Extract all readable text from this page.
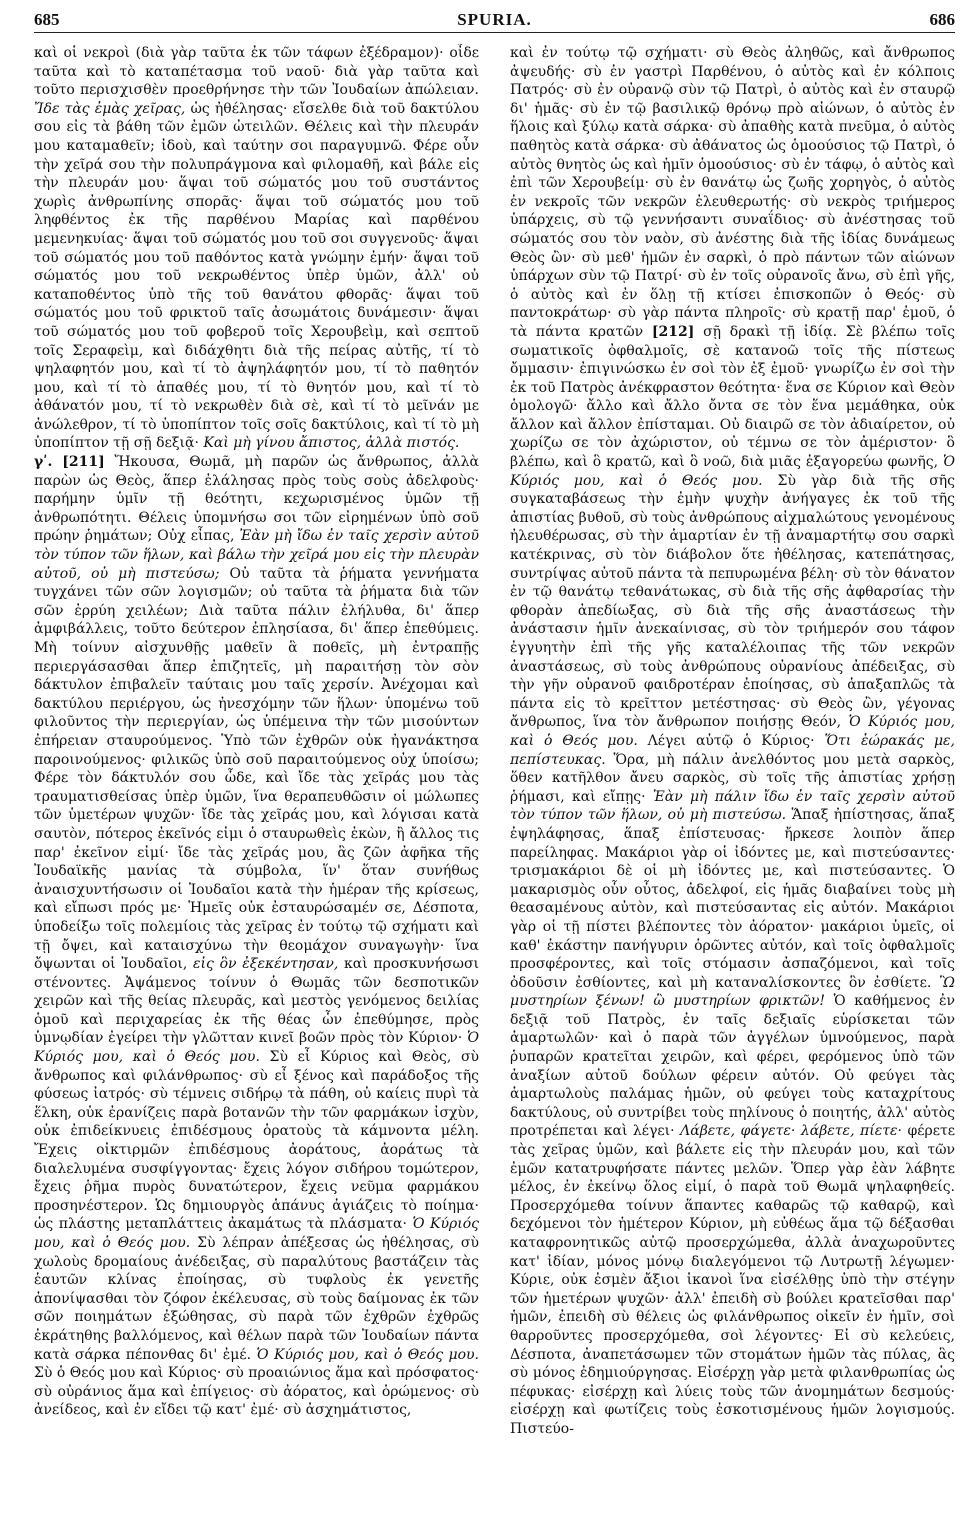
685	SPURIA.	686

καὶ οἱ νεκροὶ (διὰ γὰρ ταῦτα ἐκ τῶν τάφων ἐξέδραμον)· οἶδε ταῦτα καὶ τὸ καταπέτασμα τοῦ ναοῦ· διὰ γὰρ ταῦτα καὶ τοῦτο περισχισθὲν προεθρήνησε τὴν τῶν Ἰουδαίων ἀπώλειαν. Ἴδε τὰς ἐμὰς χεῖρας, ὡς ἠθέλησας· εἴσελθε διὰ τοῦ δακτύλου σου εἰς τὰ βάθη τῶν ἐμῶν ὠτειλῶν. Θέλεις καὶ τὴν πλευράν μου καταμαθεῖν; ἰδοὺ, καὶ ταύτην σοι παραγυμνῶ. Φέρε οὖν τὴν χεῖρά σου τὴν πολυπράγμονα καὶ φιλομαθῆ, καὶ βάλε εἰς τὴν πλευράν μου· ἅψαι τοῦ σώματός μου τοῦ συστάντος χωρὶς ἀνθρωπίνης σπορᾶς· ἅψαι τοῦ σώματός μου τοῦ ληφθέντος ἐκ τῆς παρθένου Μαρίας καὶ παρθένου μεμενηκυίας· ἅψαι τοῦ σώματός μου τοῦ σοι συγγενοῦς· ἅψαι τοῦ σώματός μου τοῦ παθόντος κατὰ γνώμην ἐμήν· ἅψαι τοῦ σώματός μου τοῦ νεκρωθέντος ὑπὲρ ὑμῶν, ἀλλ' οὐ καταποθέντος ὑπὸ τῆς τοῦ θανάτου φθορᾶς· ἅψαι τοῦ σώματός μου τοῦ φρικτοῦ ταῖς ἀσωμάτοις δυνάμεσιν· ἅψαι τοῦ σώματός μου τοῦ φοβεροῦ τοῖς Χερουβεὶμ, καὶ σεπτοῦ τοῖς Σεραφεὶμ, καὶ διδάχθητι διὰ τῆς πείρας αὐτῆς, τί τὸ ψηλαφητόν μου, καὶ τί τὸ ἀψηλάφητόν μου, τί τὸ παθητόν μου, καὶ τί τὸ ἀπαθές μου, τί τὸ θνητόν μου, καὶ τί τὸ ἀθάνατόν μου, τί τὸ νεκρωθὲν διὰ σὲ, καὶ τί τὸ μεῖνάν με ἀνώλεθρον, τί τὸ ὑποπίπτον τοῖς σοῖς δακτύλοις, καὶ τί τὸ μὴ ὑποπίπτον τῇ σῇ δεξιᾷ· Καὶ μὴ γίνου ἄπιστος, ἀλλὰ πιστός.

γʹ. [211] Ἤκουσα, Θωμᾶ, μὴ παρῶν ὡς ἄνθρωπος, ἀλλὰ παρὼν ὡς Θεὸς, ἅπερ ἐλάλησας πρὸς τοὺς σοὺς ἀδελφοὺς· παρήμην ὑμῖν τῇ θεότητι, κεχωρισμένος ὑμῶν τῇ ἀνθρωπότητι. Θέλεις ὑπομνήσω σοι τῶν εἰρημένων ὑπὸ σοῦ πρώην ῥημάτων; Οὐχ εἶπας, Ἐὰν μὴ ἴδω ἐν ταῖς χερσὶν αὐτοῦ τὸν τύπον τῶν ἥλων, καὶ βάλω τὴν χεῖρά μου εἰς τὴν πλευρὰν αὐτοῦ, οὐ μὴ πιστεύσω; Οὐ ταῦτα τὰ ῥήματα γεννήματα τυγχάνει τῶν σῶν λογισμῶν; οὐ ταῦτα τὰ ῥήματα διὰ τῶν σῶν ἐρρύη χειλέων; Διὰ ταῦτα πάλιν ἐλήλυθα, δι' ἅπερ ἀμφιβάλλεις, τοῦτο δεύτερον ἐπλησίασα, δι' ἅπερ ἐπεθύμεις. Μὴ τοίνυν αἰσχυνθῇς μαθεῖν ἃ ποθεῖς, μὴ ἐντραπῇς περιεργάσασθαι ἅπερ ἐπιζητεῖς, μὴ παραιτήσῃ τὸν σὸν δάκτυλον ἐπιβαλεῖν ταύταις μου ταῖς χερσίν. Ἀνέχομαι καὶ δακτύλου περιέργου, ὡς ἠνεσχόμην τῶν ἥλων· ὑπομένω τοῦ φιλοῦντος τὴν περιεργίαν, ὡς ὑπέμεινα τὴν τῶν μισούντων ἐπήρειαν σταυρούμενος. Ὑπὸ τῶν ἐχθρῶν οὐκ ἠγανάκτησα παροινούμενος· φιλικῶς ὑπὸ σοῦ παραιτούμενος οὐχ ὑποίσω; Φέρε τὸν δάκτυλόν σου ὧδε, καὶ ἴδε τὰς χεῖράς μου τὰς τραυματισθείσας ὑπὲρ ὑμῶν, ἵνα θεραπευθῶσιν οἱ μώλωπες τῶν ὑμετέρων ψυχῶν· ἴδε τὰς χεῖράς μου, καὶ λόγισαι κατὰ σαυτὸν, πότερος ἐκεῖνός εἰμι ὁ σταυρωθεὶς ἑκὼν, ἢ ἄλλος τις παρ' ἐκεῖνον εἰμί· ἴδε τὰς χεῖράς μου, ἃς ζῶν ἀφῆκα τῆς Ἰουδαϊκῆς μανίας τὰ σύμβολα, ἵν' ὅταν συνήθως ἀναισχυντήσωσιν οἱ Ἰουδαῖοι κατὰ τὴν ἡμέραν τῆς κρίσεως, καὶ εἴπωσι πρός με· Ἡμεῖς οὐκ ἐσταυρώσαμέν σε, Δέσποτα, ὑποδείξω τοῖς πολεμίοις τὰς χεῖρας ἐν τούτῳ τῷ σχήματι καὶ τῇ ὄψει, καὶ καταισχύνω τὴν θεομάχον συναγωγὴν· ἵνα ὄψωνται οἱ Ἰουδαῖοι, εἰς ὃν ἐξεκέντησαν, καὶ προσκυνήσωσι στένοντες. Ἀψάμενος τοίνυν ὁ Θωμᾶς τῶν δεσποτικῶν χειρῶν καὶ τῆς θείας πλευρᾶς, καὶ μεστὸς γενόμενος δειλίας ὁμοῦ καὶ περιχαρείας ἐκ τῆς θέας ὧν ἐπεθύμησε, πρὸς ὑμνῳδίαν ἐγείρει τὴν γλῶτταν κινεῖ βοῶν πρὸς τὸν Κύριον· Ὁ Κύριός μου, καὶ ὁ Θεός μου. Σὺ εἶ Κύριος καὶ Θεὸς, σὺ ἄνθρωπος καὶ φιλάνθρωπος· σὺ εἶ ξένος καὶ παράδοξος τῆς φύσεως ἰατρός· σὺ τέμνεις σιδήρῳ τὰ πάθη, οὐ καίεις πυρὶ τὰ ἕλκη, οὐκ ἐρανίζεις παρὰ βοτανῶν τὴν τῶν φαρμάκων ἰσχὺν, οὐκ ἐπιδείκνυεις ἐπιδέσμους ὁρατοὺς τὰ κάμνοντα μέλη. Ἔχεις οἰκτιρμῶν ἐπιδέσμους ἀοράτους, ἀοράτως τὰ διαλελυμένα συσφίγγοντας· ἔχεις λόγον σιδήρου τομώτερον, ἔχεις ῥῆμα πυρὸς δυνατώτερον, ἔχεις νεῦμα φαρμάκου προσηνέστερον. Ὡς δημιουργὸς ἁπάνυς ἀγιάζεις τὸ ποίημα· ὡς πλάστης μεταπλάττεις ἀκαμάτως τὰ πλάσματα· Ὁ Κύριός μου, καὶ ὁ Θεός μου. Σὺ λέπραν ἀπέξεσας ὡς ἠθέλησας, σὺ χωλοὺς δρομαίους ἀνέδειξας, σὺ παραλύτους βαστάζειν τὰς ἑαυτῶν κλίνας ἐποίησας, σὺ τυφλοὺς ἐκ γενετῆς ἀπονίψασθαι τὸν ζόφον ἐκέλευσας, σὺ τοὺς δαίμονας ἐκ τῶν σῶν ποιημάτων ἐξώθησας, σὺ παρὰ τῶν ἐχθρῶν ἐχθρῶς ἐκράτηθης βαλλόμενος, καὶ θέλων παρὰ τῶν Ἰουδαίων πάντα κατὰ σάρκα πέπονθας δι' ἐμέ. Ὁ Κύριός μου, καὶ ὁ Θεός μου. Σὺ ὁ Θεός μου καὶ Κύριος· σὺ προαιώνιος ἅμα καὶ πρόσφατος· σὺ οὐράνιος ἅμα καὶ ἐπίγειος· σὺ ἀόρατος, καὶ ὁρώμενος· σὺ ἀνείδεος, καὶ ἐν εἴδει τῷ κατ' ἐμέ· σὺ ἀσχημάτιστος,

καὶ ἐν τούτῳ τῷ σχήματι· σὺ Θεὸς ἀληθῶς, καὶ ἄνθρωπος ἀψευδής· σὺ ἐν γαστρὶ Παρθένου, ὁ αὐτὸς καὶ ἐν κόλποις Πατρός· σὺ ἐν οὐρανῷ σὺν τῷ Πατρὶ, ὁ αὐτὸς καὶ ἐν σταυρῷ δι' ἡμᾶς· σὺ ἐν τῷ βασιλικῷ θρόνῳ πρὸ αἰώνων, ὁ αὐτὸς ἐν ἥλοις καὶ ξύλῳ κατὰ σάρκα· σὺ ἀπαθὴς κατὰ πνεῦμα, ὁ αὐτὸς παθητὸς κατὰ σάρκα· σὺ ἀθάνατος ὡς ὁμοούσιος τῷ Πατρὶ, ὁ αὐτὸς θνητὸς ὡς καὶ ἡμῖν ὁμοούσιος· σὺ ἐν τάφῳ, ὁ αὐτὸς καὶ ἐπὶ τῶν Χερουβείμ· σὺ ἐν θανάτῳ ὡς ζωῆς χορηγὸς, ὁ αὐτὸς ἐν νεκροῖς τῶν νεκρῶν ἐλευθερωτής· σὺ νεκρὸς τριήμερος ὑπάρχεις, σὺ τῷ γεννήσαντι συναΐδιος· σὺ ἀνέστησας τοῦ σώματός σου τὸν ναὸν, σὺ ἀνέστης διὰ τῆς ἰδίας δυνάμεως Θεὸς ὢν· σὺ μεθ' ἡμῶν ἐν σαρκὶ, ὁ πρὸ πάντων τῶν αἰώνων ὑπάρχων σὺν τῷ Πατρί· σὺ ἐν τοῖς οὐρανοῖς ἄνω, σὺ ἐπὶ γῆς, ὁ αὐτὸς καὶ ἐν ὅλῃ τῇ κτίσει ἐπισκοπῶν ὁ Θεός· σὺ παντοκράτωρ· σὺ γὰρ πάντα πληροῖς· σὺ κρατῇ παρ' ἐμοῦ, ὁ τὰ πάντα κρατῶν [212] σῇ δρακὶ τῇ ἰδίᾳ. Σὲ βλέπω τοῖς σωματικοῖς ὀφθαλμοῖς, σὲ κατανοῶ τοῖς τῆς πίστεως ὄμμασιν· ἐπιγινώσκω ἐν σοὶ τὸν ἐξ ἐμοῦ· γνωρίζω ἐν σοὶ τὴν ἐκ τοῦ Πατρὸς ἀνέκφραστον θεότητα· ἕνα σε Κύριον καὶ Θεὸν ὁμολογῶ· ἄλλο καὶ ἄλλο ὄντα σε τὸν ἕνα μεμάθηκα, οὐκ ἄλλον καὶ ἄλλον ἐπίσταμαι. Οὐ διαιρῶ σε τὸν ἀδιαίρετον, οὐ χωρίζω σε τὸν ἀχώριστον, οὐ τέμνω σε τὸν ἀμέριστον· ὃ βλέπω, καὶ ὃ κρατῶ, καὶ ὃ νοῶ, διὰ μιᾶς ἐξαγορεύω φωνῆς, Ὁ Κύριός μου, καὶ ὁ Θεός μου. Σὺ γὰρ διὰ τῆς σῆς συγκαταβάσεως τὴν ἐμὴν ψυχὴν ἀνήγαγες ἐκ τοῦ τῆς ἀπιστίας βυθοῦ, σὺ τοὺς ἀνθρώπους αἰχμαλώτους γενομένους ἠλευθέρωσας, σὺ τὴν ἁμαρτίαν ἐν τῇ ἀναμαρτήτῳ σου σαρκὶ κατέκρινας, σὺ τὸν διάβολον ὅτε ἠθέλησας, κατεπάτησας, συντρίψας αὐτοῦ πάντα τὰ πεπυρωμένα βέλη· σὺ τὸν θάνατον ἐν τῷ θανάτῳ τεθανάτωκας, σὺ διὰ τῆς σῆς ἀφθαρσίας τὴν φθορὰν ἀπεδίωξας, σὺ διὰ τῆς σῆς ἀναστάσεως τὴν ἀνάστασιν ἡμῖν ἀνεκαίνισας, σὺ τὸν τριήμερόν σου τάφον ἐγγυητὴν ἐπὶ τῆς γῆς καταλέλοιπας τῆς τῶν νεκρῶν ἀναστάσεως, σὺ τοὺς ἀνθρώπους οὐρανίους ἀπέδειξας, σὺ τὴν γῆν οὐρανοῦ φαιδροτέραν ἐποίησας, σὺ ἁπαξαπλῶς τὰ πάντα εἰς τὸ κρεῖττον μετέστησας· σὺ Θεὸς ὢν, γέγονας ἄνθρωπος, ἵνα τὸν ἄνθρωπον ποιήσῃς Θεόν, Ὁ Κύριός μου, καὶ ὁ Θεός μου. Λέγει αὐτῷ ὁ Κύριος· Ὅτι ἑώρακάς με, πεπίστευκας. Ὅρα, μὴ πάλιν ἀνελθόντος μου μετὰ σαρκὸς, ὅθεν κατῆλθον ἄνευ σαρκὸς, σὺ τοῖς τῆς ἀπιστίας χρήσῃ ῥήμασι, καὶ εἴπῃς· Ἐὰν μὴ πάλιν ἴδω ἐν ταῖς χερσὶν αὐτοῦ τὸν τύπον τῶν ἥλων, οὐ μὴ πιστεύσω. Ἅπαξ ἠπίστησας, ἅπαξ ἐψηλάφησας, ἅπαξ ἐπίστευσας· ἤρκεσε λοιπὸν ἅπερ παρείληφας. Μακάριοι γὰρ οἱ ἰδόντες με, καὶ πιστεύσαντες· τρισμακάριοι δὲ οἱ μὴ ἰδόντες με, καὶ πιστεύσαντες. Ὁ μακαρισμὸς οὗν οὗτος, ἀδελφοί, εἰς ἡμᾶς διαβαίνει τοὺς μὴ θεασαμένους αὐτὸν, καὶ πιστεύσαντας εἰς αὐτόν. Μακάριοι γὰρ οἱ τῇ πίστει βλέποντες τὸν ἀόρατον· μακάριοι ὑμεῖς, οἱ καθ' ἑκάστην πανήγυριν ὁρῶντες αὐτόν, καὶ τοῖς ὀφθαλμοῖς προσφέροντες, καὶ τοῖς στόμασιν ἀσπαζόμενοι, καὶ τοῖς ὀδοῦσιν ἐσθίοντες, καὶ μὴ καταναλίσκοντες ὃν ἐσθίετε. Ὢ μυστηρίων ξένων! ὢ μυστηρίων φρικτῶν! Ὁ καθήμενος ἐν δεξιᾷ τοῦ Πατρὸς, ἐν ταῖς δεξιαῖς εὑρίσκεται τῶν ἁμαρτωλῶν· καὶ ὁ παρὰ τῶν ἀγγέλων ὑμνούμενος, παρὰ ῥυπαρῶν κρατεῖται χειρῶν, καὶ φέρει, φερόμενος ὑπὸ τῶν ἀναξίων αὐτοῦ δούλων φέρειν αὐτόν. Οὐ φεύγει τὰς ἁμαρτωλοὺς παλάμας ἡμῶν, οὐ φεύγει τοὺς καταχρίτους δακτύλους, οὐ συντρίβει τοὺς πηλίνους ὁ ποιητής, ἀλλ' αὐτὸς προτρέπεται καὶ λέγει· Λάβετε, φάγετε· λάβετε, πίετε· φέρετε τὰς χεῖρας ὑμῶν, καὶ βάλετε εἰς τὴν πλευράν μου, καὶ τῶν ἐμῶν κατατρυφήσατε πάντες μελῶν. Ὅπερ γὰρ ἐὰν λάβητε μέλος, ἐν ἐκείνῳ ὅλος εἰμί, ὁ παρὰ τοῦ Θωμᾶ ψηλαφηθείς. Προσερχόμεθα τοίνυν ἅπαντες καθαρῶς τῷ καθαρῷ, καὶ δεχόμενοι τὸν ἡμέτερον Κύριον, μὴ εὐθέως ἅμα τῷ δέξασθαι καταφρονητικῶς αὐτῷ προσερχώμεθα, ἀλλὰ ἀναχωροῦντες κατ' ἰδίαν, μόνος μόνῳ διαλεγόμενοι τῷ Λυτρωτῇ λέγωμεν· Κύριε, οὐκ ἐσμὲν ἄξιοι ἱκανοὶ ἵνα εἰσέλθῃς ὑπὸ τὴν στέγην τῶν ἡμετέρων ψυχῶν· ἀλλ' ἐπειδὴ σὺ βούλει κρατεῖσθαι παρ' ἡμῶν, ἐπειδὴ σὺ θέλεις ὡς φιλάνθρωπος οἰκεῖν ἐν ἡμῖν, σοὶ θαρροῦντες προσερχόμεθα, σοὶ λέγοντες· Εἰ σὺ κελεύεις, Δέσποτα, ἀναπετάσωμεν τῶν στομάτων ἡμῶν τὰς πύλας, ἃς σὺ μόνος ἐδημιούργησας. Εἰσέρχῃ γὰρ μετὰ φιλανθρωπίας ὡς πέφυκας· εἰσέρχῃ καὶ λύεις τοὺς τῶν ἀνομημάτων δεσμούς· εἰσέρχῃ καὶ φωτίζεις τοὺς ἐσκοτισμένους ἡμῶν λογισμούς. Πιστεύο-
